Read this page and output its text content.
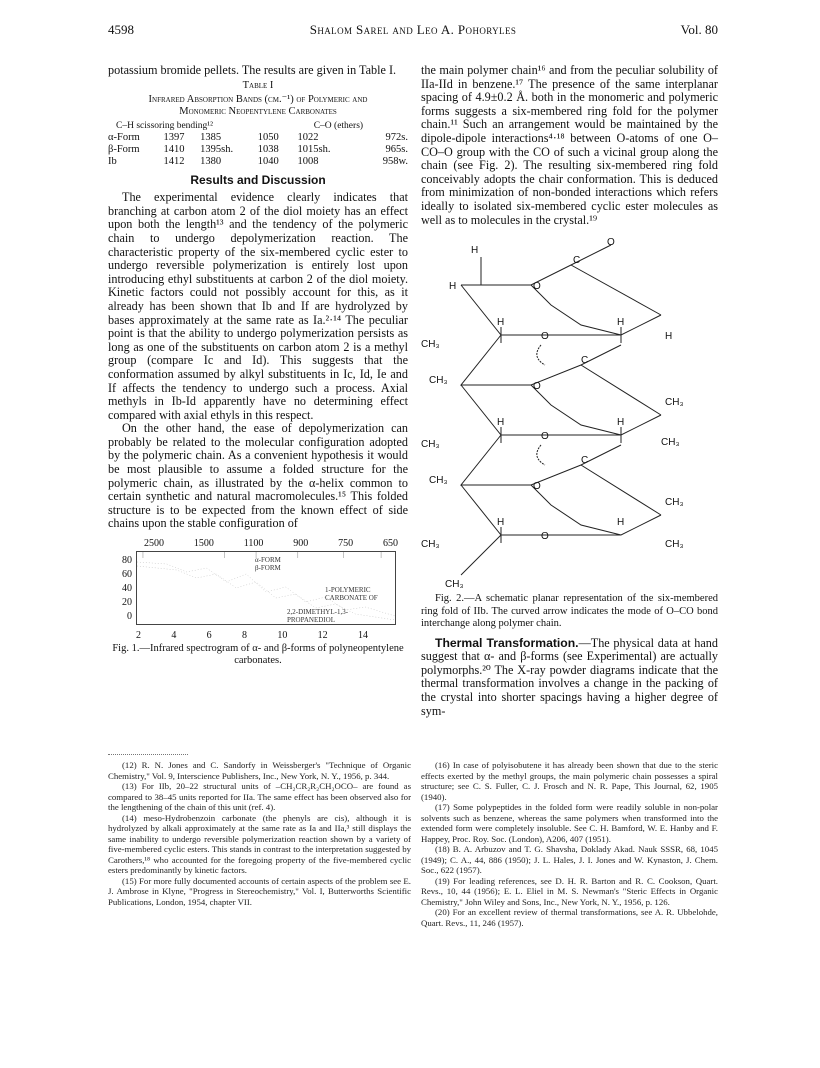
4598	Shalom Sarel and Leo A. Pohoryles	Vol. 80

potassium bromide pellets. The results are given in Table I.

Table I
Infrared Absorption Bands (cm.⁻¹) of Polymeric and
Monomeric Neopentylene Carbonates
C–H scissoring bending¹²			C–O (ethers)		
α-Form	1397	1385	1050	1022	972s.
β-Form	1410	1395sh.	1038	1015sh.	965s.
Ib	1412	1380	1040	1008	958w.
Results and Discussion

The experimental evidence clearly indicates that branching at carbon atom 2 of the diol moiety has an effect upon both the length¹³ and the tendency of the polymeric chain to undergo depolymerization reaction. The characteristic property of the six-membered cyclic ester to undergo reversible polymerization is entirely lost upon introducing ethyl substituents at carbon 2 of the diol moiety. Kinetic factors could not possibly account for this, as it already has been shown that Ib and If are hydrolyzed by bases approximately at the same rate as Ia.²·¹⁴ The peculiar point is that the ability to undergo polymerization persists as long as one of the substituents on carbon atom 2 is a methyl group (compare Ic and Id). This suggests that the conformation assumed by alkyl substituents in Ic, Id, Ie and If affects the tendency to undergo such a process. Axial methyls in Ib-Id apparently have no determining effect compared with axial ethyls in this respect.

On the other hand, the ease of depolymerization can probably be related to the molecular configuration adopted by the polymeric chain. As a convenient hypothesis it would be most plausible to assume a folded structure for the polymeric chain, as illustrated by the α-helix common to certain synthetic and natural macromolecules.¹⁵ This folded structure is to be expected from the known effect of side chains upon the stable configuration of

2500	1500	1100	900	750	650
80
60
40
20
0
α-FORM
β-FORM
1-POLYMERIC
CARBONATE OF
2,2-DIMETHYL-1,3-PROPANEDIOL
2	4	6	8	10	12	14
Fig. 1.—Infrared spectrogram of α- and β-forms of polyneopentylene carbonates.

the main polymer chain¹⁶ and from the peculiar solubility of IIa-IId in benzene.¹⁷ The presence of the same interplanar spacing of 4.9±0.2 Å. both in the monomeric and polymeric forms suggests a six-membered ring fold for the polymer chain.¹¹ Such an arrangement would be maintained by the dipole-dipole interactions⁴·¹⁸ between O-atoms of one O–CO–O group with the CO of such a vicinal group along the chain (see Fig. 2). The resulting six-membered ring fold conceivably adopts the chair conformation. This is deduced from minimization of non-bonded interactions which refers ideally to isolated six-membered cyclic ester molecules as well as to molecules in the crystal.¹⁹

H
H	O
C
O
CH₃
H
O
H
H
CH₃
O
C
CH₃
CH₃
H
O
H
CH₃
CH₃
O
C
CH₃
CH₃
H
O
H
CH₃
CH₃

Fig. 2.—A schematic planar representation of the six-membered ring fold of IIb. The curved arrow indicates the mode of O–CO bond interchange along polymer chain.

Thermal Transformation.—The physical data at hand suggest that α- and β-forms (see Experimental) are actually polymorphs.²⁰ The X-ray powder diagrams indicate that the thermal transformation involves a change in the packing of the crystal into shorter spacings having a higher degree of sym-

(12) R. N. Jones and C. Sandorfy in Weissberger's "Technique of Organic Chemistry," Vol. 9, Interscience Publishers, Inc., New York, N. Y., 1956, p. 344.

(13) For IIb, 20–22 structural units of –CH₂CR₂R₂CH₂OCO– are found as compared to 38–45 units reported for IIa. The same effect has been observed also for the lengthening of the chain of this unit (ref. 4).

(14) meso-Hydrobenzoin carbonate (the phenyls are cis), although it is hydrolyzed by alkali approximately at the same rate as Ia and IIa,³ still displays the same inability to undergo reversible polymerization reaction shown by a variety of five-membered cyclic esters. This stands in contrast to the interpretation suggested by Carothers,¹⁸ who accounted for the foregoing property of the five-membered cyclic esters predominantly by kinetic factors.

(15) For more fully documented accounts of certain aspects of the problem see E. J. Ambrose in Klyne, "Progress in Stereochemistry," Vol. I, Butterworths Scientific Publications, London, 1954, chapter VII.

(16) In case of polyisobutene it has already been shown that due to the steric effects exerted by the methyl groups, the main polymeric chain possesses a spiral structure; see C. S. Fuller, C. J. Frosch and N. R. Pape, This Journal, 62, 1905 (1940).

(17) Some polypeptides in the folded form were readily soluble in non-polar solvents such as benzene, whereas the same polymers when transformed into the extended form were completely insoluble. See C. H. Bamford, W. E. Hanby and F. Happey, Proc. Roy. Soc. (London), A206, 407 (1951).

(18) B. A. Arbuzov and T. G. Shavsha, Doklady Akad. Nauk SSSR, 68, 1045 (1949); C. A., 44, 886 (1950); J. L. Hales, J. I. Jones and W. Kynaston, J. Chem. Soc., 622 (1957).

(19) For leading references, see D. H. R. Barton and R. C. Cookson, Quart. Revs., 10, 44 (1956); E. L. Eliel in M. S. Newman's "Steric Effects in Organic Chemistry," John Wiley and Sons, Inc., New York, N. Y., 1956, p. 126.

(20) For an excellent review of thermal transformations, see A. R. Ubbelohde, Quart. Revs., 11, 246 (1957).
